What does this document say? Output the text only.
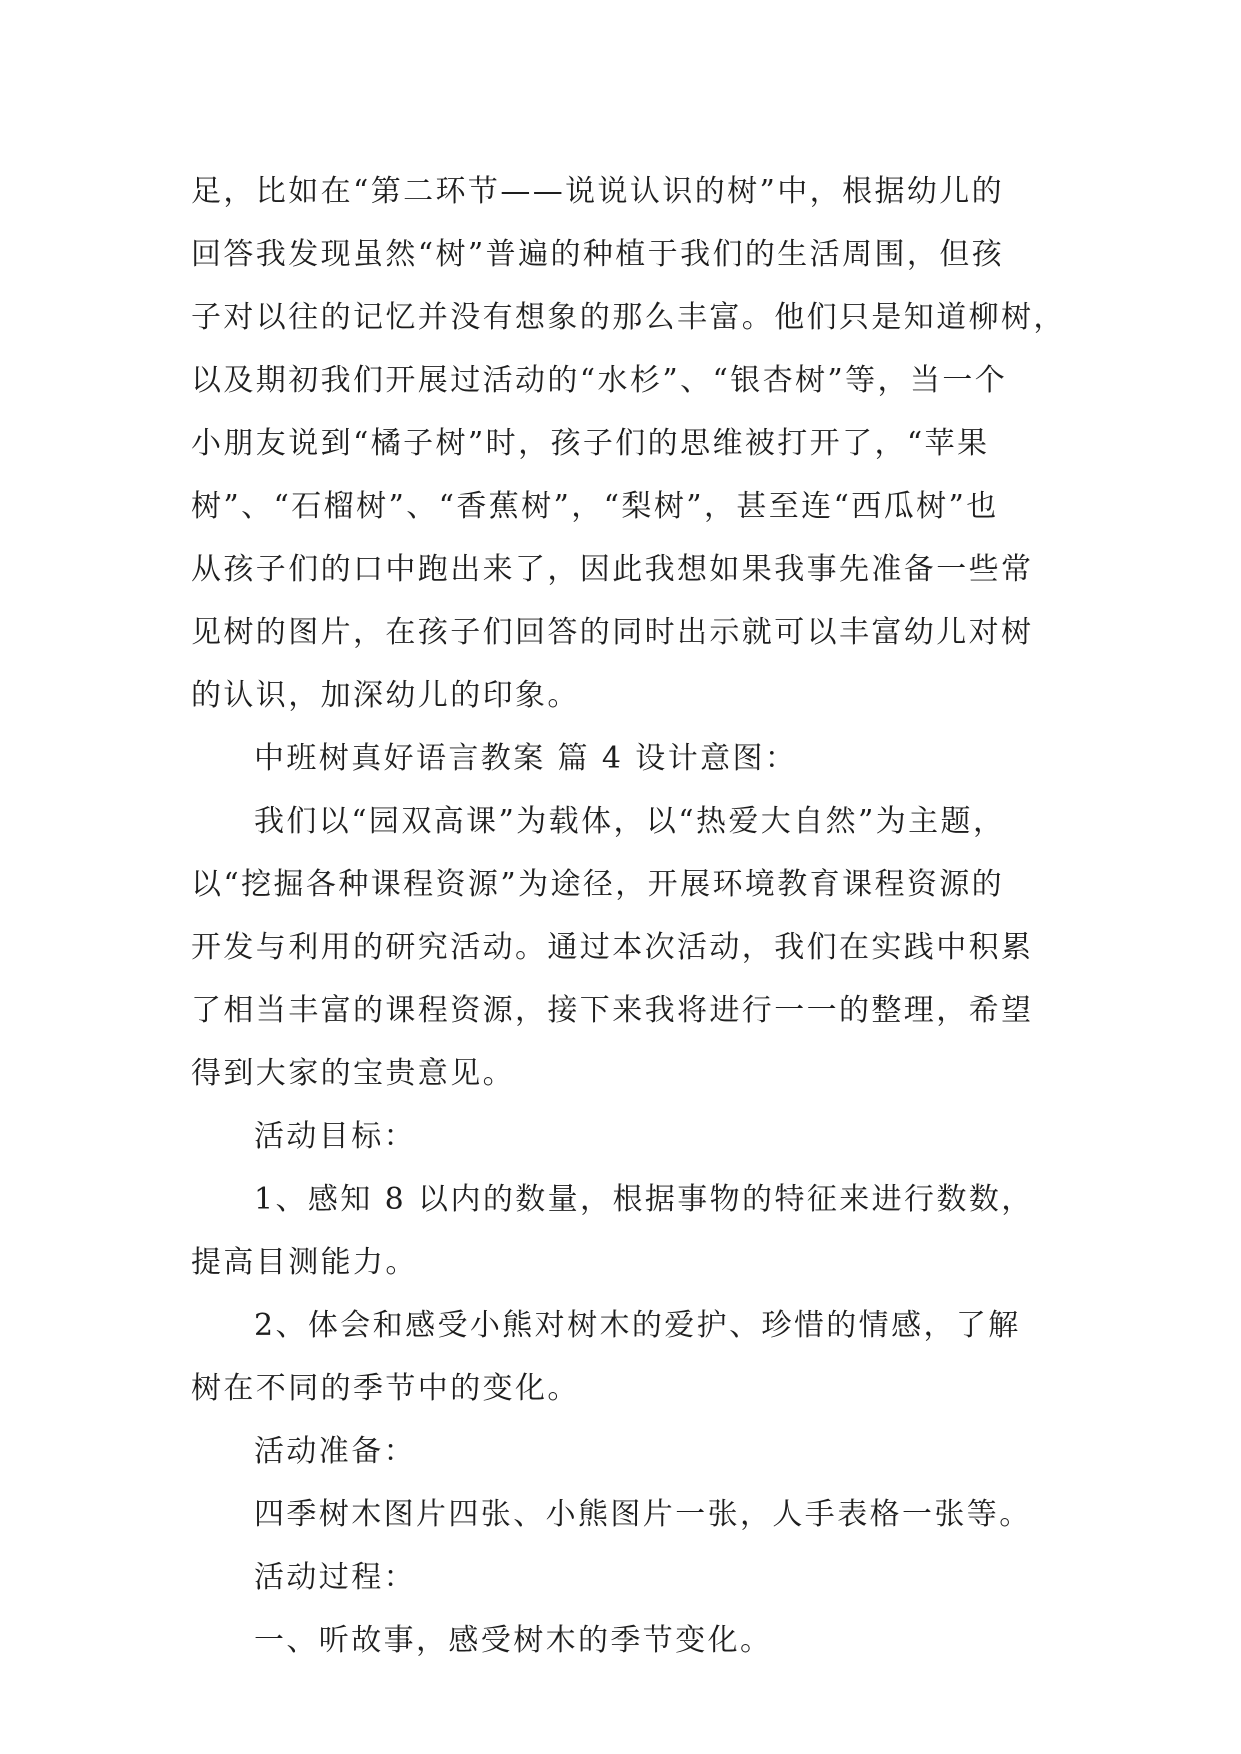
足，比如在“第二环节——说说认识的树”中，根据幼儿的
回答我发现虽然“树”普遍的种植于我们的生活周围，但孩
子对以往的记忆并没有想象的那么丰富。他们只是知道柳树，
以及期初我们开展过活动的“水杉”、“银杏树”等，当一个
小朋友说到“橘子树”时，孩子们的思维被打开了，“苹果
树”、“石榴树”、“香蕉树”，“梨树”，甚至连“西瓜树”也
从孩子们的口中跑出来了，因此我想如果我事先准备一些常
见树的图片，在孩子们回答的同时出示就可以丰富幼儿对树
的认识，加深幼儿的印象。
中班树真好语言教案 篇 4 设计意图：
我们以“园双高课”为载体，以“热爱大自然”为主题，
以“挖掘各种课程资源”为途径，开展环境教育课程资源的
开发与利用的研究活动。通过本次活动，我们在实践中积累
了相当丰富的课程资源，接下来我将进行一一的整理，希望
得到大家的宝贵意见。
活动目标：
1、感知 8 以内的数量，根据事物的特征来进行数数，
提高目测能力。
2、体会和感受小熊对树木的爱护、珍惜的情感，了解
树在不同的季节中的变化。
活动准备：
四季树木图片四张、小熊图片一张，人手表格一张等。
活动过程：
一、听故事，感受树木的季节变化。
